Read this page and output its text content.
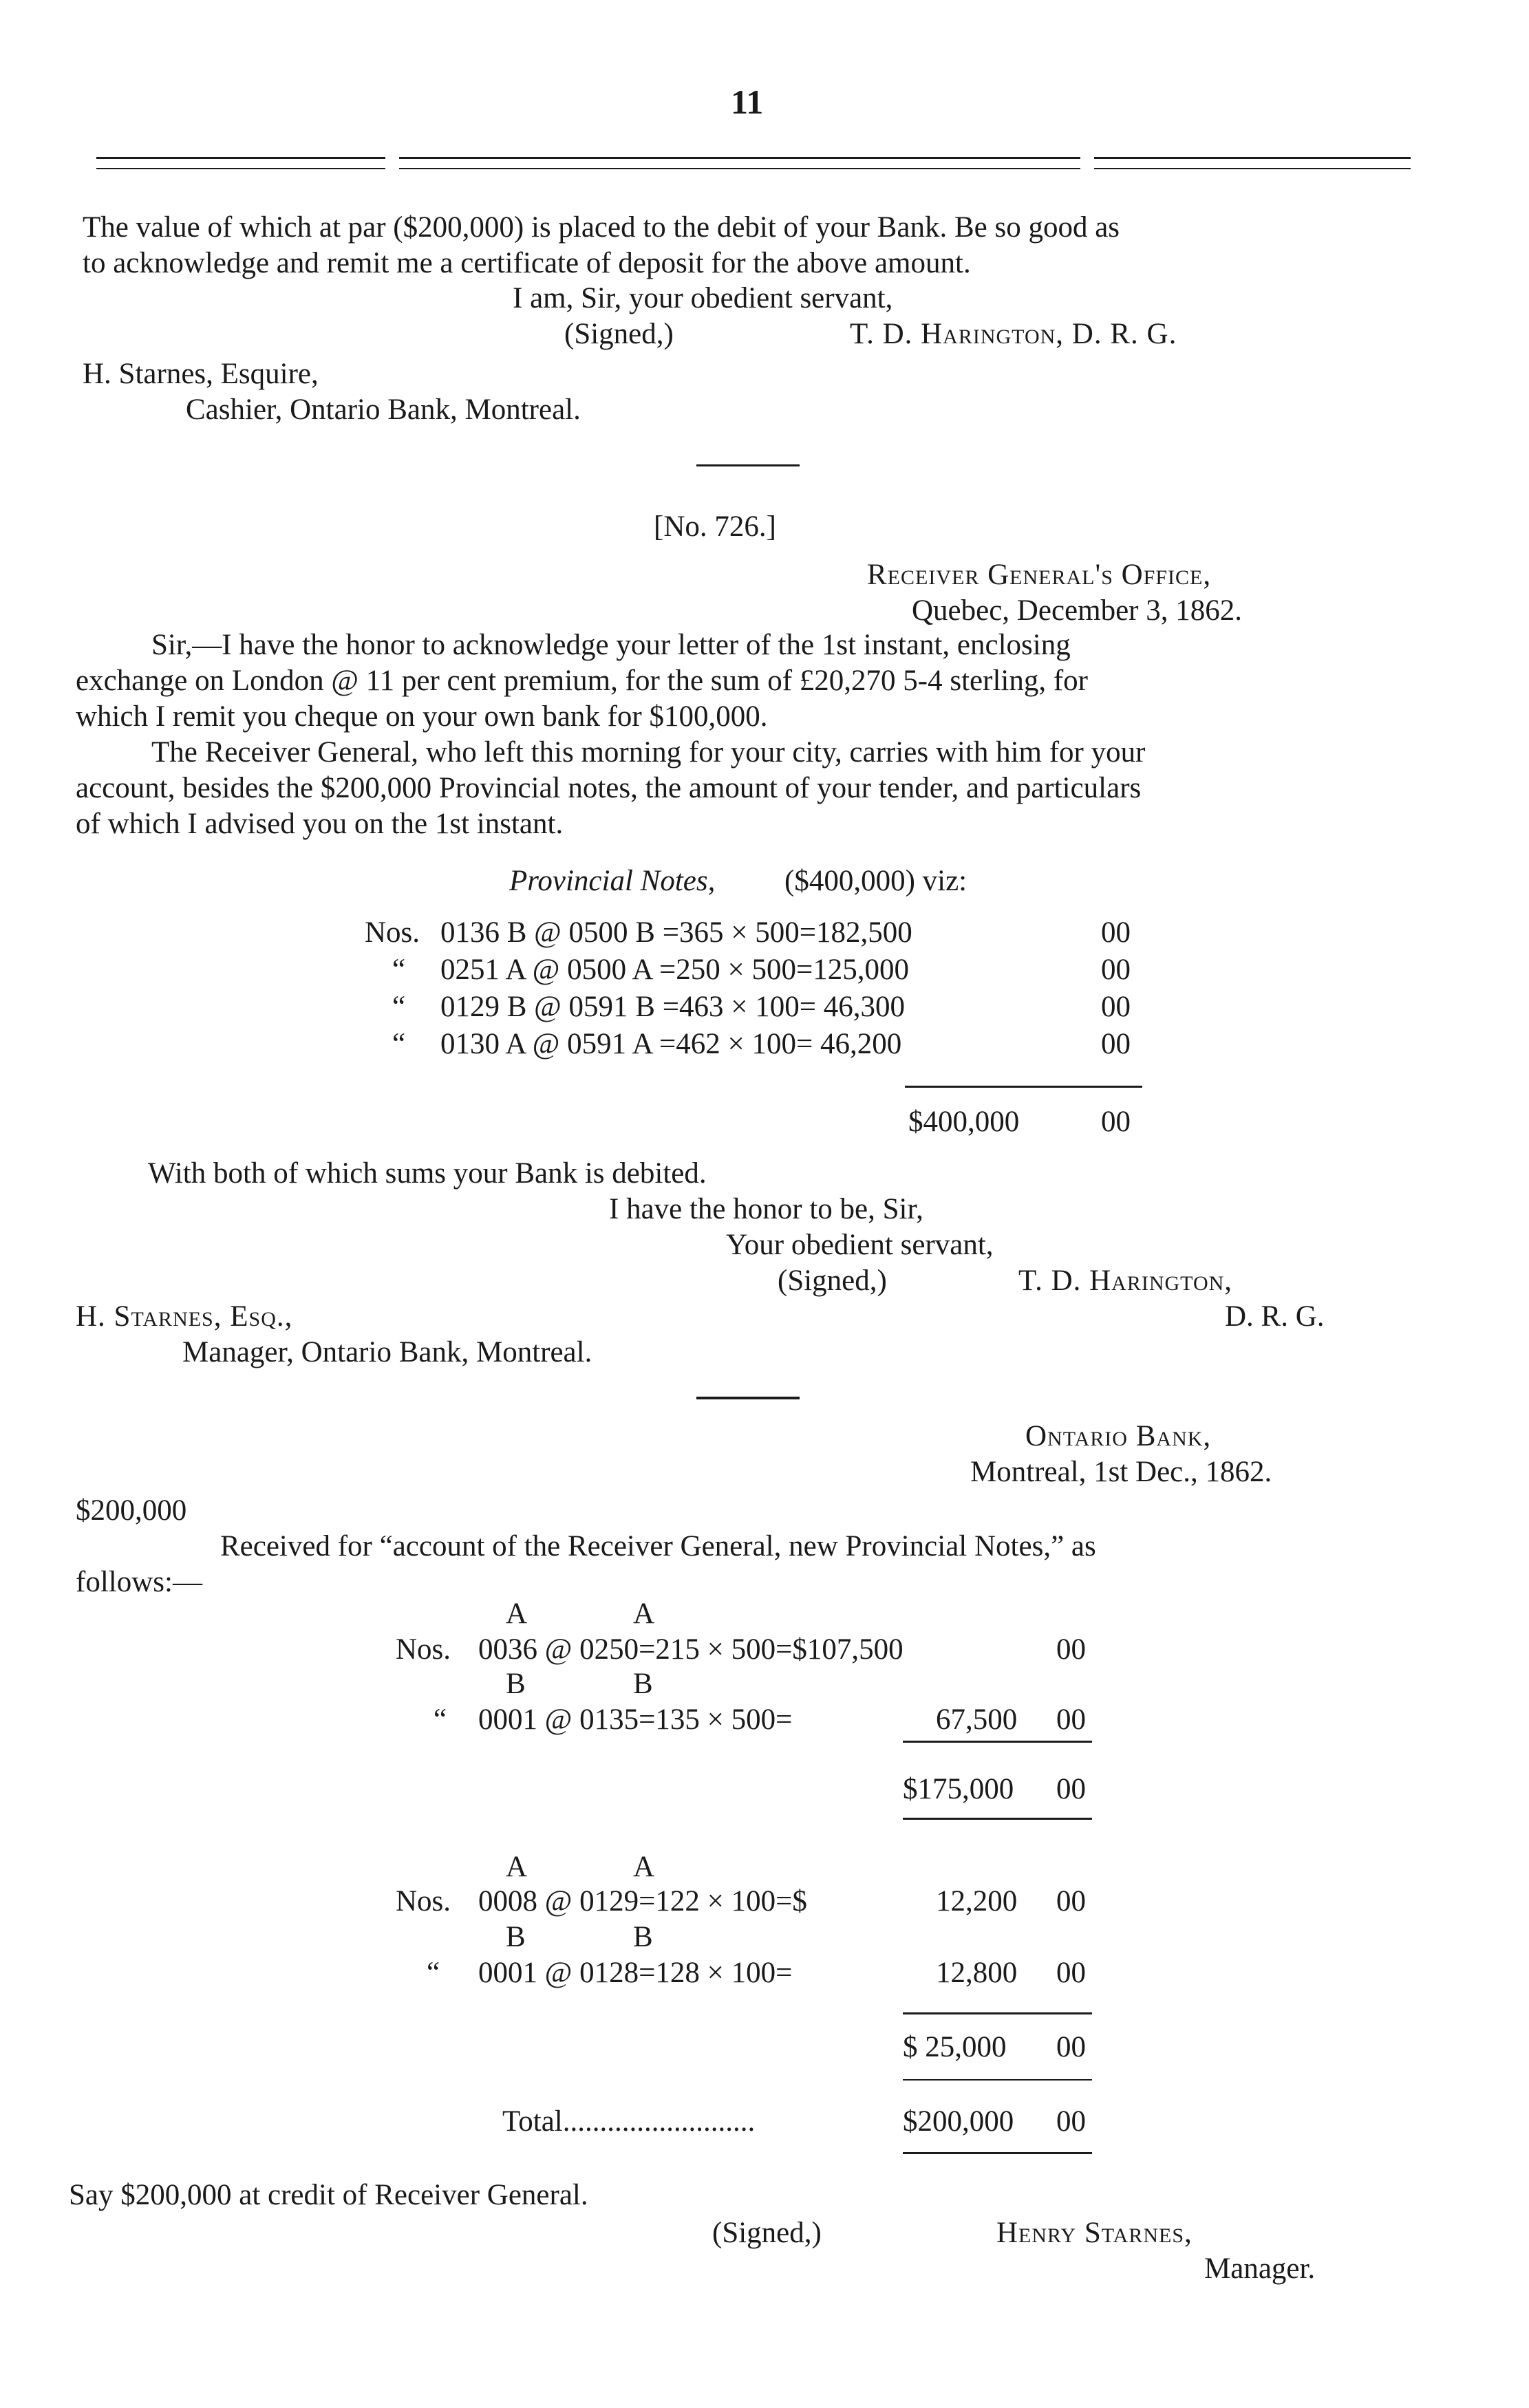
11
The value of which at par ($200,000) is placed to the debit of your Bank. Be so good as
to acknowledge and remit me a certificate of deposit for the above amount.
I am, Sir, your obedient servant,
(Signed,)	T. D. Harington, D. R. G.
H. Starnes, Esquire,
Cashier, Ontario Bank, Montreal.
[No. 726.]
Receiver General's Office,
Quebec, December 3, 1862.
Sir,—I have the honor to acknowledge your letter of the 1st instant, enclosing
exchange on London @ 11 per cent premium, for the sum of £20,270 5-4 sterling, for
which I remit you cheque on your own bank for $100,000.
The Receiver General, who left this morning for your city, carries with him for your
account, besides the $200,000 Provincial notes, the amount of your tender, and particulars
of which I advised you on the 1st instant.
Provincial Notes, ($400,000) viz:
Nos. 0136 B @ 0500 B =365 × 500=182,500	00
“ 0251 A @ 0500 A =250 × 500=125,000	00
“ 0129 B @ 0591 B =463 × 100= 46,300	00
“ 0130 A @ 0591 A =462 × 100= 46,200	00
$400,000	00
With both of which sums your Bank is debited.
I have the honor to be, Sir,
Your obedient servant,
(Signed,)	T. D. Harington,
H. Starnes, Esq.,	D. R. G.
Manager, Ontario Bank, Montreal.
Ontario Bank,
Montreal, 1st Dec., 1862.
$200,000
Received for “account of the Receiver General, new Provincial Notes,” as
follows:—
A	A
Nos. 0036 @ 0250=215 × 500=$107,500	00
B	B
“ 0001 @ 0135=135 × 500=	67,500 00
$175,000 00
A	A
Nos. 0008 @ 0129=122 × 100=$	12,200 00
B	B
“ 0001 @ 0128=128 × 100=	12,800 00
$ 25,000 00
Total..........................	$200,000 00
Say $200,000 at credit of Receiver General.
(Signed,)	Henry Starnes,
Manager.
